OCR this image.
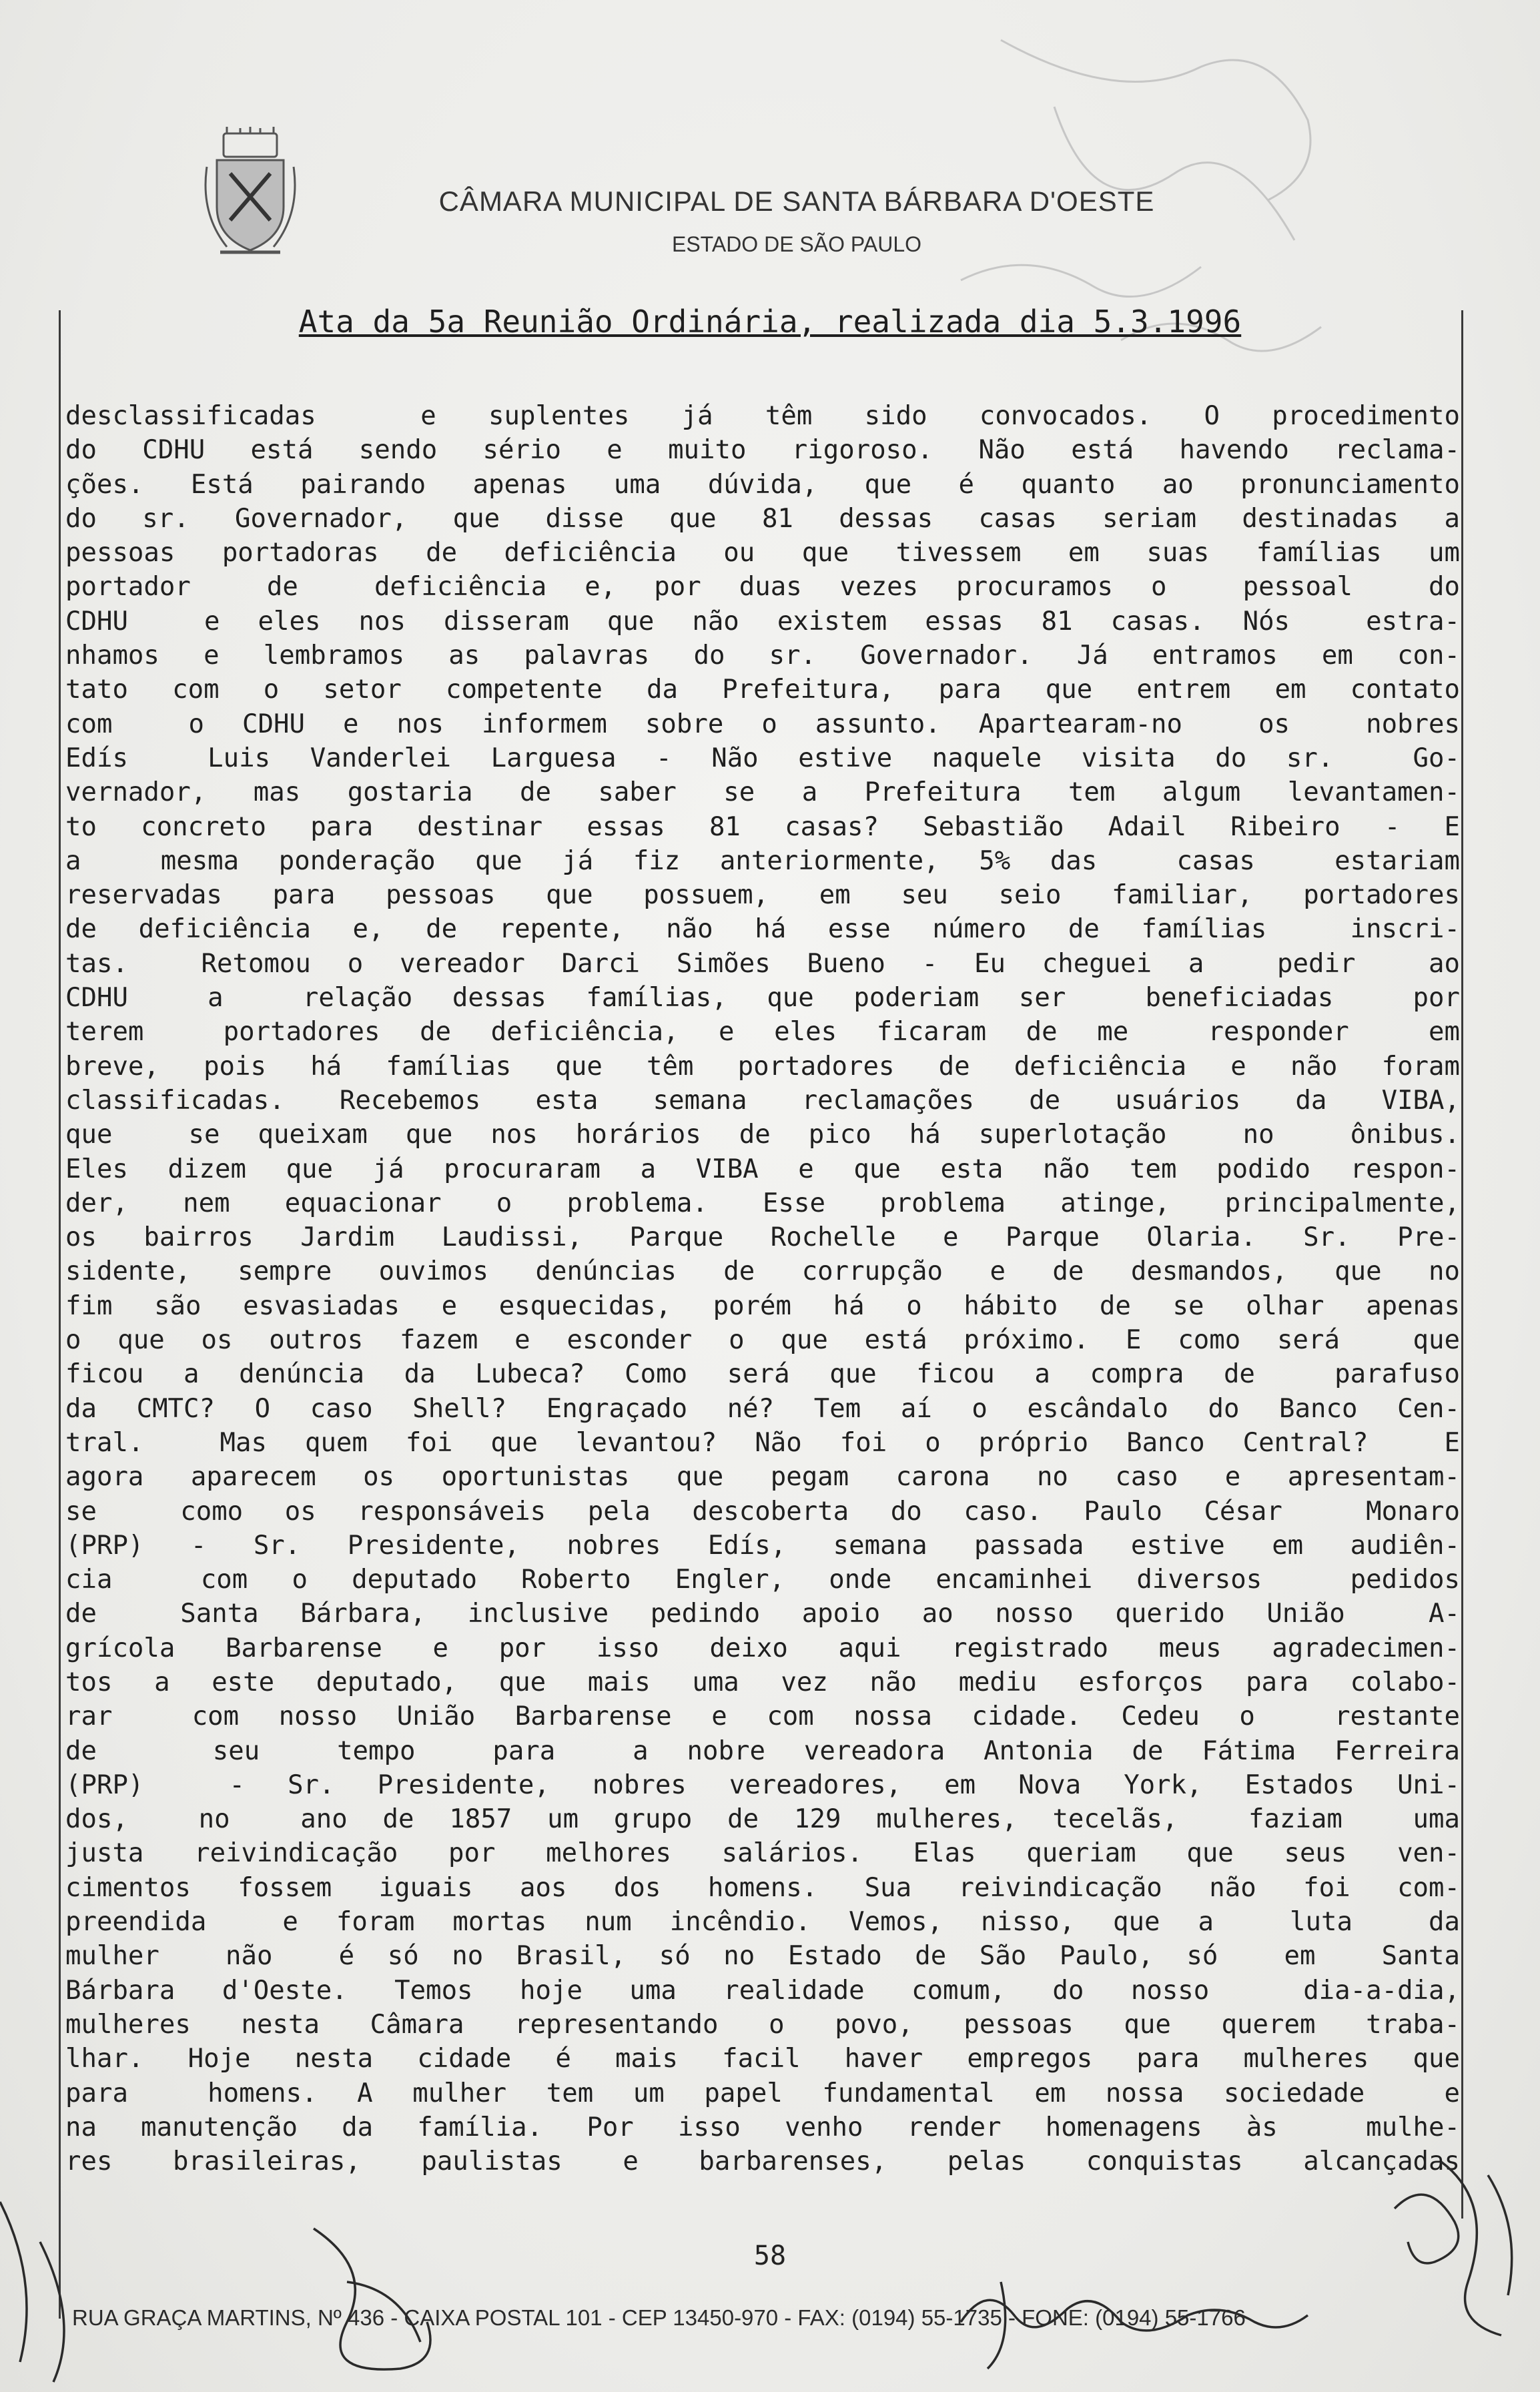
CÂMARA MUNICIPAL DE SANTA BÁRBARA D'OESTE
ESTADO DE SÃO PAULO
Ata da 5a Reunião Ordinária, realizada dia 5.3.1996
desclassificadas  e suplentes já têm sido convocados. O procedimento
do CDHU está sendo sério e muito rigoroso. Não está havendo reclama-
ções. Está pairando apenas uma dúvida, que é quanto ao pronunciamento
do sr. Governador, que disse que 81 dessas casas seriam destinadas a
pessoas portadoras de deficiência ou que tivessem em suas famílias um
portador  de  deficiência e, por duas vezes procuramos o  pessoal  do
CDHU  e eles nos disseram que não existem essas 81 casas. Nós  estra-
nhamos e lembramos as palavras do sr. Governador. Já entramos em con-
tato com o setor competente da Prefeitura, para que entrem em contato
com  o CDHU e nos informem sobre o assunto. Apartearam-no  os  nobres
Edís  Luis Vanderlei Larguesa - Não estive naquele visita do sr.  Go-
vernador, mas gostaria de saber se a Prefeitura tem algum levantamen-
to concreto para destinar essas 81 casas? Sebastião Adail Ribeiro - E
a  mesma ponderação que já fiz anteriormente, 5% das  casas  estariam
reservadas para pessoas que possuem, em seu seio familiar, portadores
de deficiência e, de repente, não há esse número de famílias  inscri-
tas.  Retomou o vereador Darci Simões Bueno - Eu cheguei a  pedir  ao
CDHU  a  relação dessas famílias, que poderiam ser  beneficiadas  por
terem  portadores de deficiência, e eles ficaram de me  responder  em
breve, pois há famílias que têm portadores de deficiência e não foram
classificadas. Recebemos esta semana reclamações de usuários da VIBA,
que  se queixam que nos horários de pico há superlotação  no  ônibus.
Eles dizem que já procuraram a VIBA e que esta não tem podido respon-
der, nem equacionar o problema. Esse problema atinge, principalmente,
os bairros Jardim Laudissi, Parque Rochelle e Parque Olaria. Sr. Pre-
sidente, sempre ouvimos denúncias de corrupção e de desmandos, que no
fim são esvasiadas e esquecidas, porém há o hábito de se olhar apenas
o que os outros fazem e esconder o que está próximo. E como será  que
ficou a denúncia da Lubeca? Como será que ficou a compra de  parafuso
da CMTC? O caso Shell? Engraçado né? Tem aí o escândalo do Banco Cen-
tral.  Mas quem foi que levantou? Não foi o próprio Banco Central?  E
agora aparecem os oportunistas que pegam carona no caso e apresentam-
se  como os responsáveis pela descoberta do caso. Paulo César  Monaro
(PRP) - Sr. Presidente, nobres Edís, semana passada estive em audiên-
cia  com o deputado Roberto Engler, onde encaminhei diversos  pedidos
de  Santa Bárbara, inclusive pedindo apoio ao nosso querido União  A-
grícola Barbarense e por isso deixo aqui registrado meus agradecimen-
tos a este deputado, que mais uma vez não mediu esforços para colabo-
rar  com nosso União Barbarense e com nossa cidade. Cedeu o  restante
de   seu  tempo  para  a nobre vereadora Antonia de Fátima Ferreira
(PRP)  - Sr. Presidente, nobres vereadores, em Nova York, Estados Uni-
dos,  no  ano de 1857 um grupo de 129 mulheres, tecelãs,  faziam  uma
justa reivindicação por melhores salários. Elas queriam que seus ven-
cimentos fossem iguais aos dos homens. Sua reivindicação não foi com-
preendida  e foram mortas num incêndio. Vemos, nisso, que a  luta  da
mulher  não  é só no Brasil, só no Estado de São Paulo, só  em  Santa
Bárbara d'Oeste. Temos hoje uma realidade comum, do nosso  dia-a-dia,
mulheres nesta Câmara representando o povo, pessoas que querem traba-
lhar. Hoje nesta cidade é mais facil haver empregos para mulheres que
para  homens. A mulher tem um papel fundamental em nossa sociedade  e
na manutenção da família. Por isso venho render homenagens às  mulhe-
res brasileiras, paulistas e barbarenses, pelas conquistas alcançadas
58
RUA GRAÇA MARTINS, Nº 436 - CAIXA POSTAL 101 - CEP 13450-970 - FAX: (0194) 55-1735 - FONE: (0194) 55-1766
